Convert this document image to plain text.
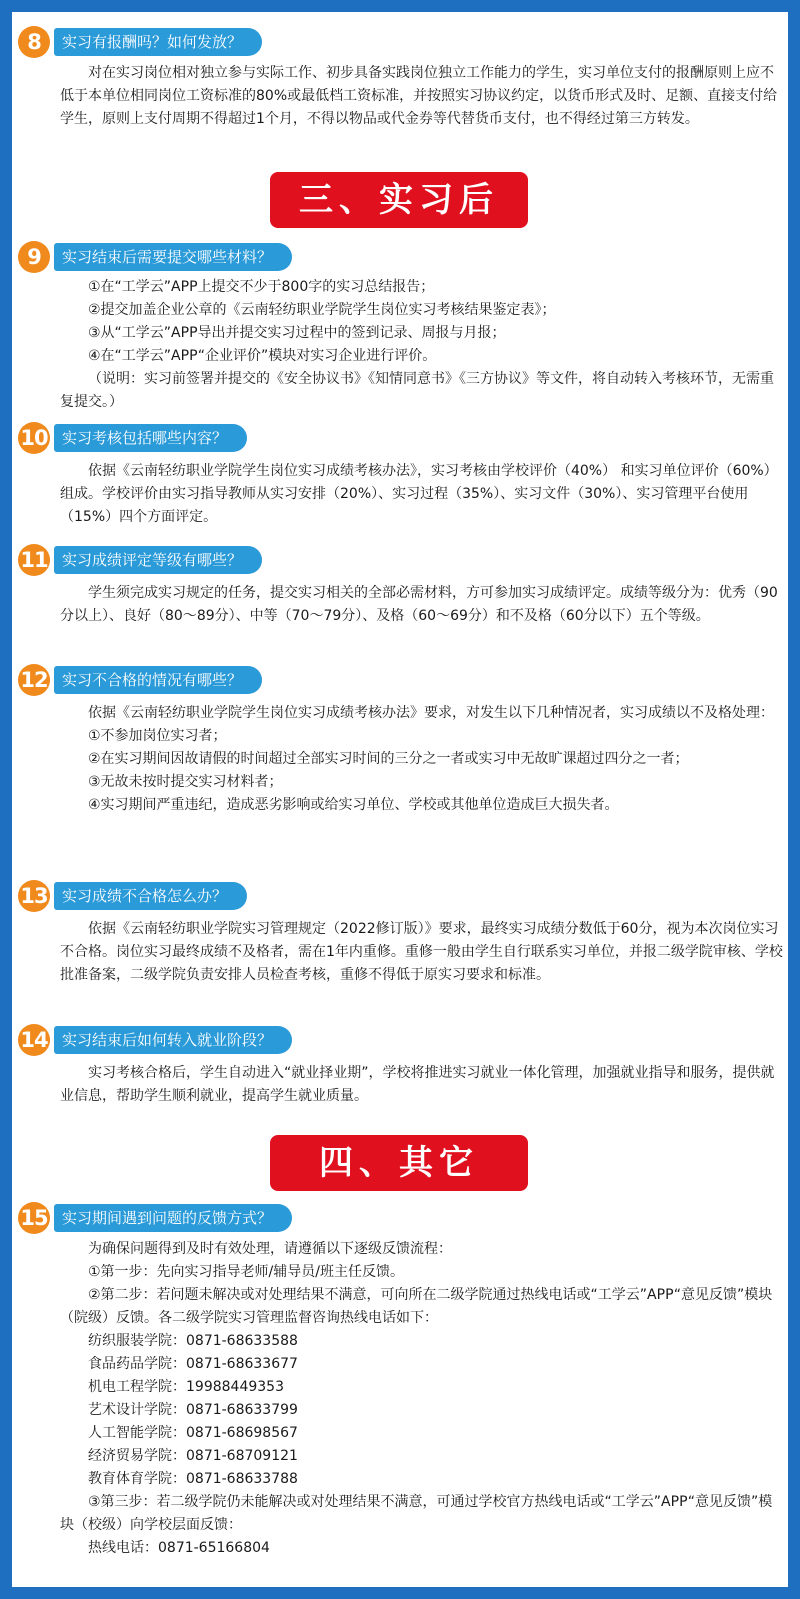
8	实习有报酬吗？如何发放？
对在实习岗位相对独立参与实际工作、初步具备实践岗位独立工作能力的学生，实习单位支付的报酬原则上应不低于本单位相同岗位工资标准的80%或最低档工资标准，并按照实习协议约定，以货币形式及时、足额、直接支付给学生，原则上支付周期不得超过1个月，不得以物品或代金券等代替货币支付，也不得经过第三方转发。
三、实习后
9	实习结束后需要提交哪些材料？
①在“工学云”APP上提交不少于800字的实习总结报告；
②提交加盖企业公章的《云南轻纺职业学院学生岗位实习考核结果鉴定表》；
③从“工学云”APP导出并提交实习过程中的签到记录、周报与月报；
④在“工学云”APP“企业评价”模块对实习企业进行评价。
（说明：实习前签署并提交的《安全协议书》《知情同意书》《三方协议》等文件，将自动转入考核环节，无需重复提交。）
10 实习考核包括哪些内容？
依据《云南轻纺职业学院学生岗位实习成绩考核办法》，实习考核由学校评价（40%） 和实习单位评价（60%） 组成。学校评价由实习指导教师从实习安排（20%）、实习过程（35%）、实习文件（30%）、实习管理平台使用（15%）四个方面评定。
11 实习成绩评定等级有哪些？
学生须完成实习规定的任务，提交实习相关的全部必需材料，方可参加实习成绩评定。成绩等级分为：优秀（90分以上）、良好（80～89分）、中等（70～79分）、及格（60～69分）和不及格（60分以下）五个等级。
12 实习不合格的情况有哪些？
依据《云南轻纺职业学院学生岗位实习成绩考核办法》要求，对发生以下几种情况者，实习成绩以不及格处理：
①不参加岗位实习者；
②在实习期间因故请假的时间超过全部实习时间的三分之一者或实习中无故旷课超过四分之一者；
③无故未按时提交实习材料者；
④实习期间严重违纪，造成恶劣影响或给实习单位、学校或其他单位造成巨大损失者。
13 实习成绩不合格怎么办？
依据《云南轻纺职业学院实习管理规定（2022修订版）》要求，最终实习成绩分数低于60分，视为本次岗位实习不合格。岗位实习最终成绩不及格者，需在1年内重修。重修一般由学生自行联系实习单位，并报二级学院审核、学校批准备案，二级学院负责安排人员检查考核，重修不得低于原实习要求和标准。
14 实习结束后如何转入就业阶段？
实习考核合格后，学生自动进入“就业择业期”，学校将推进实习就业一体化管理，加强就业指导和服务，提供就业信息，帮助学生顺利就业，提高学生就业质量。
四、其它
15 实习期间遇到问题的反馈方式？
为确保问题得到及时有效处理，请遵循以下逐级反馈流程：
①第一步：先向实习指导老师/辅导员/班主任反馈。
②第二步：若问题未解决或对处理结果不满意，可向所在二级学院通过热线电话或“工学云”APP“意见反馈”模块（院级）反馈。各二级学院实习管理监督咨询热线电话如下：
纺织服装学院：0871-68633588
食品药品学院：0871-68633677
机电工程学院：19988449353
艺术设计学院：0871-68633799
人工智能学院：0871-68698567
经济贸易学院：0871-68709121
教育体育学院：0871-68633788
③第三步：若二级学院仍未能解决或对处理结果不满意，可通过学校官方热线电话或“工学云”APP“意见反馈”模块（校级）向学校层面反馈：
热线电话：0871-65166804
